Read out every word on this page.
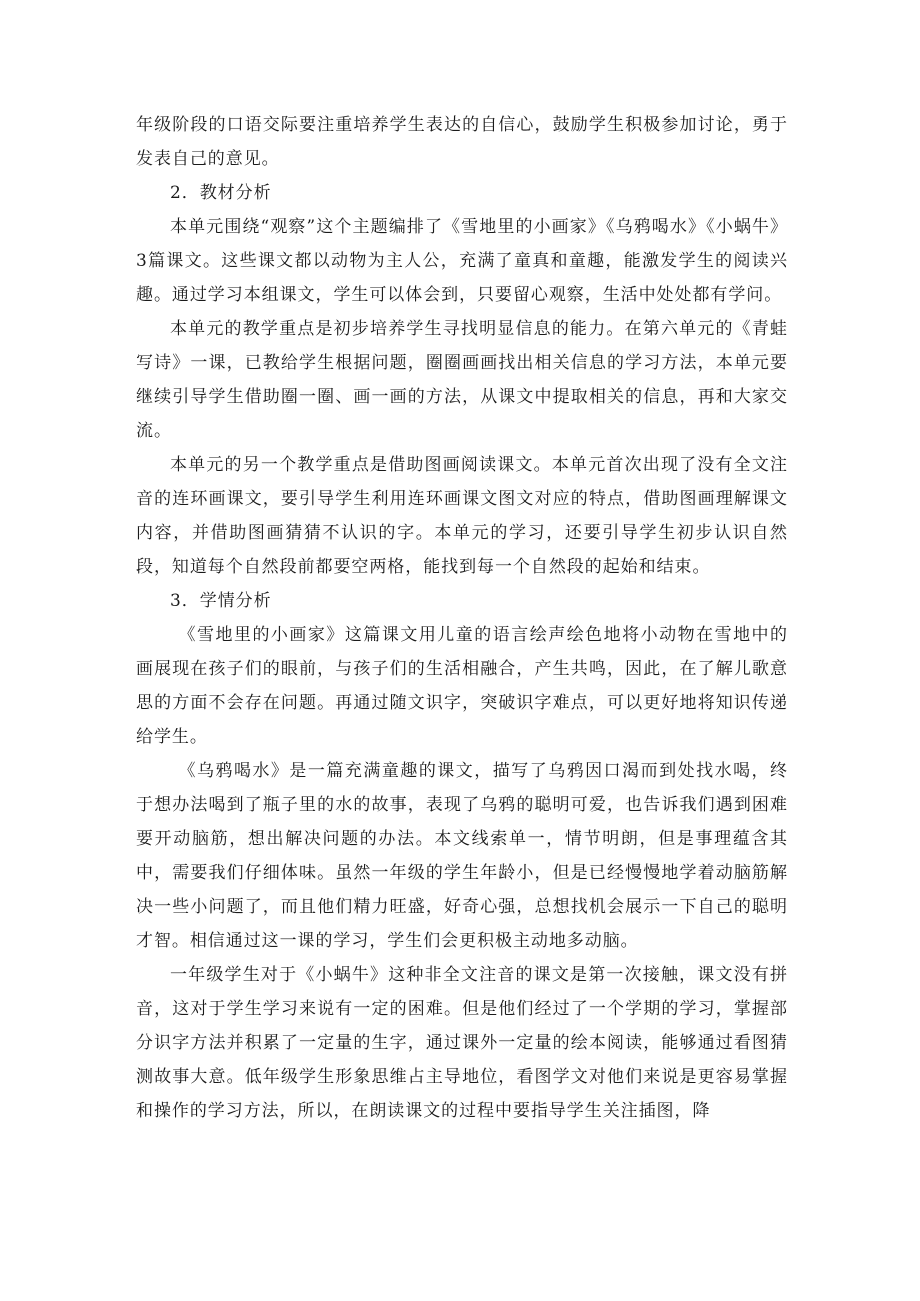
年级阶段的口语交际要注重培养学生表达的自信心，鼓励学生积极参加讨论，勇于发表自己的意见。

2．教材分析

本单元围绕“观察”这个主题编排了《雪地里的小画家》《乌鸦喝水》《小蜗牛》3篇课文。这些课文都以动物为主人公，充满了童真和童趣，能激发学生的阅读兴趣。通过学习本组课文，学生可以体会到，只要留心观察，生活中处处都有学问。

本单元的教学重点是初步培养学生寻找明显信息的能力。在第六单元的《青蛙写诗》一课，已教给学生根据问题，圈圈画画找出相关信息的学习方法，本单元要继续引导学生借助圈一圈、画一画的方法，从课文中提取相关的信息，再和大家交流。

本单元的另一个教学重点是借助图画阅读课文。本单元首次出现了没有全文注音的连环画课文，要引导学生利用连环画课文图文对应的特点，借助图画理解课文内容，并借助图画猜猜不认识的字。本单元的学习，还要引导学生初步认识自然段，知道每个自然段前都要空两格，能找到每一个自然段的起始和结束。

3．学情分析

《雪地里的小画家》这篇课文用儿童的语言绘声绘色地将小动物在雪地中的画展现在孩子们的眼前，与孩子们的生活相融合，产生共鸣，因此，在了解儿歌意思的方面不会存在问题。再通过随文识字，突破识字难点，可以更好地将知识传递给学生。

《乌鸦喝水》是一篇充满童趣的课文，描写了乌鸦因口渴而到处找水喝，终于想办法喝到了瓶子里的水的故事，表现了乌鸦的聪明可爱，也告诉我们遇到困难要开动脑筋，想出解决问题的办法。本文线索单一，情节明朗，但是事理蕴含其中，需要我们仔细体味。虽然一年级的学生年龄小，但是已经慢慢地学着动脑筋解决一些小问题了，而且他们精力旺盛，好奇心强，总想找机会展示一下自己的聪明才智。相信通过这一课的学习，学生们会更积极主动地多动脑。

一年级学生对于《小蜗牛》这种非全文注音的课文是第一次接触，课文没有拼音，这对于学生学习来说有一定的困难。但是他们经过了一个学期的学习，掌握部分识字方法并积累了一定量的生字，通过课外一定量的绘本阅读，能够通过看图猜测故事大意。低年级学生形象思维占主导地位，看图学文对他们来说是更容易掌握和操作的学习方法，所以，在朗读课文的过程中要指导学生关注插图，降
